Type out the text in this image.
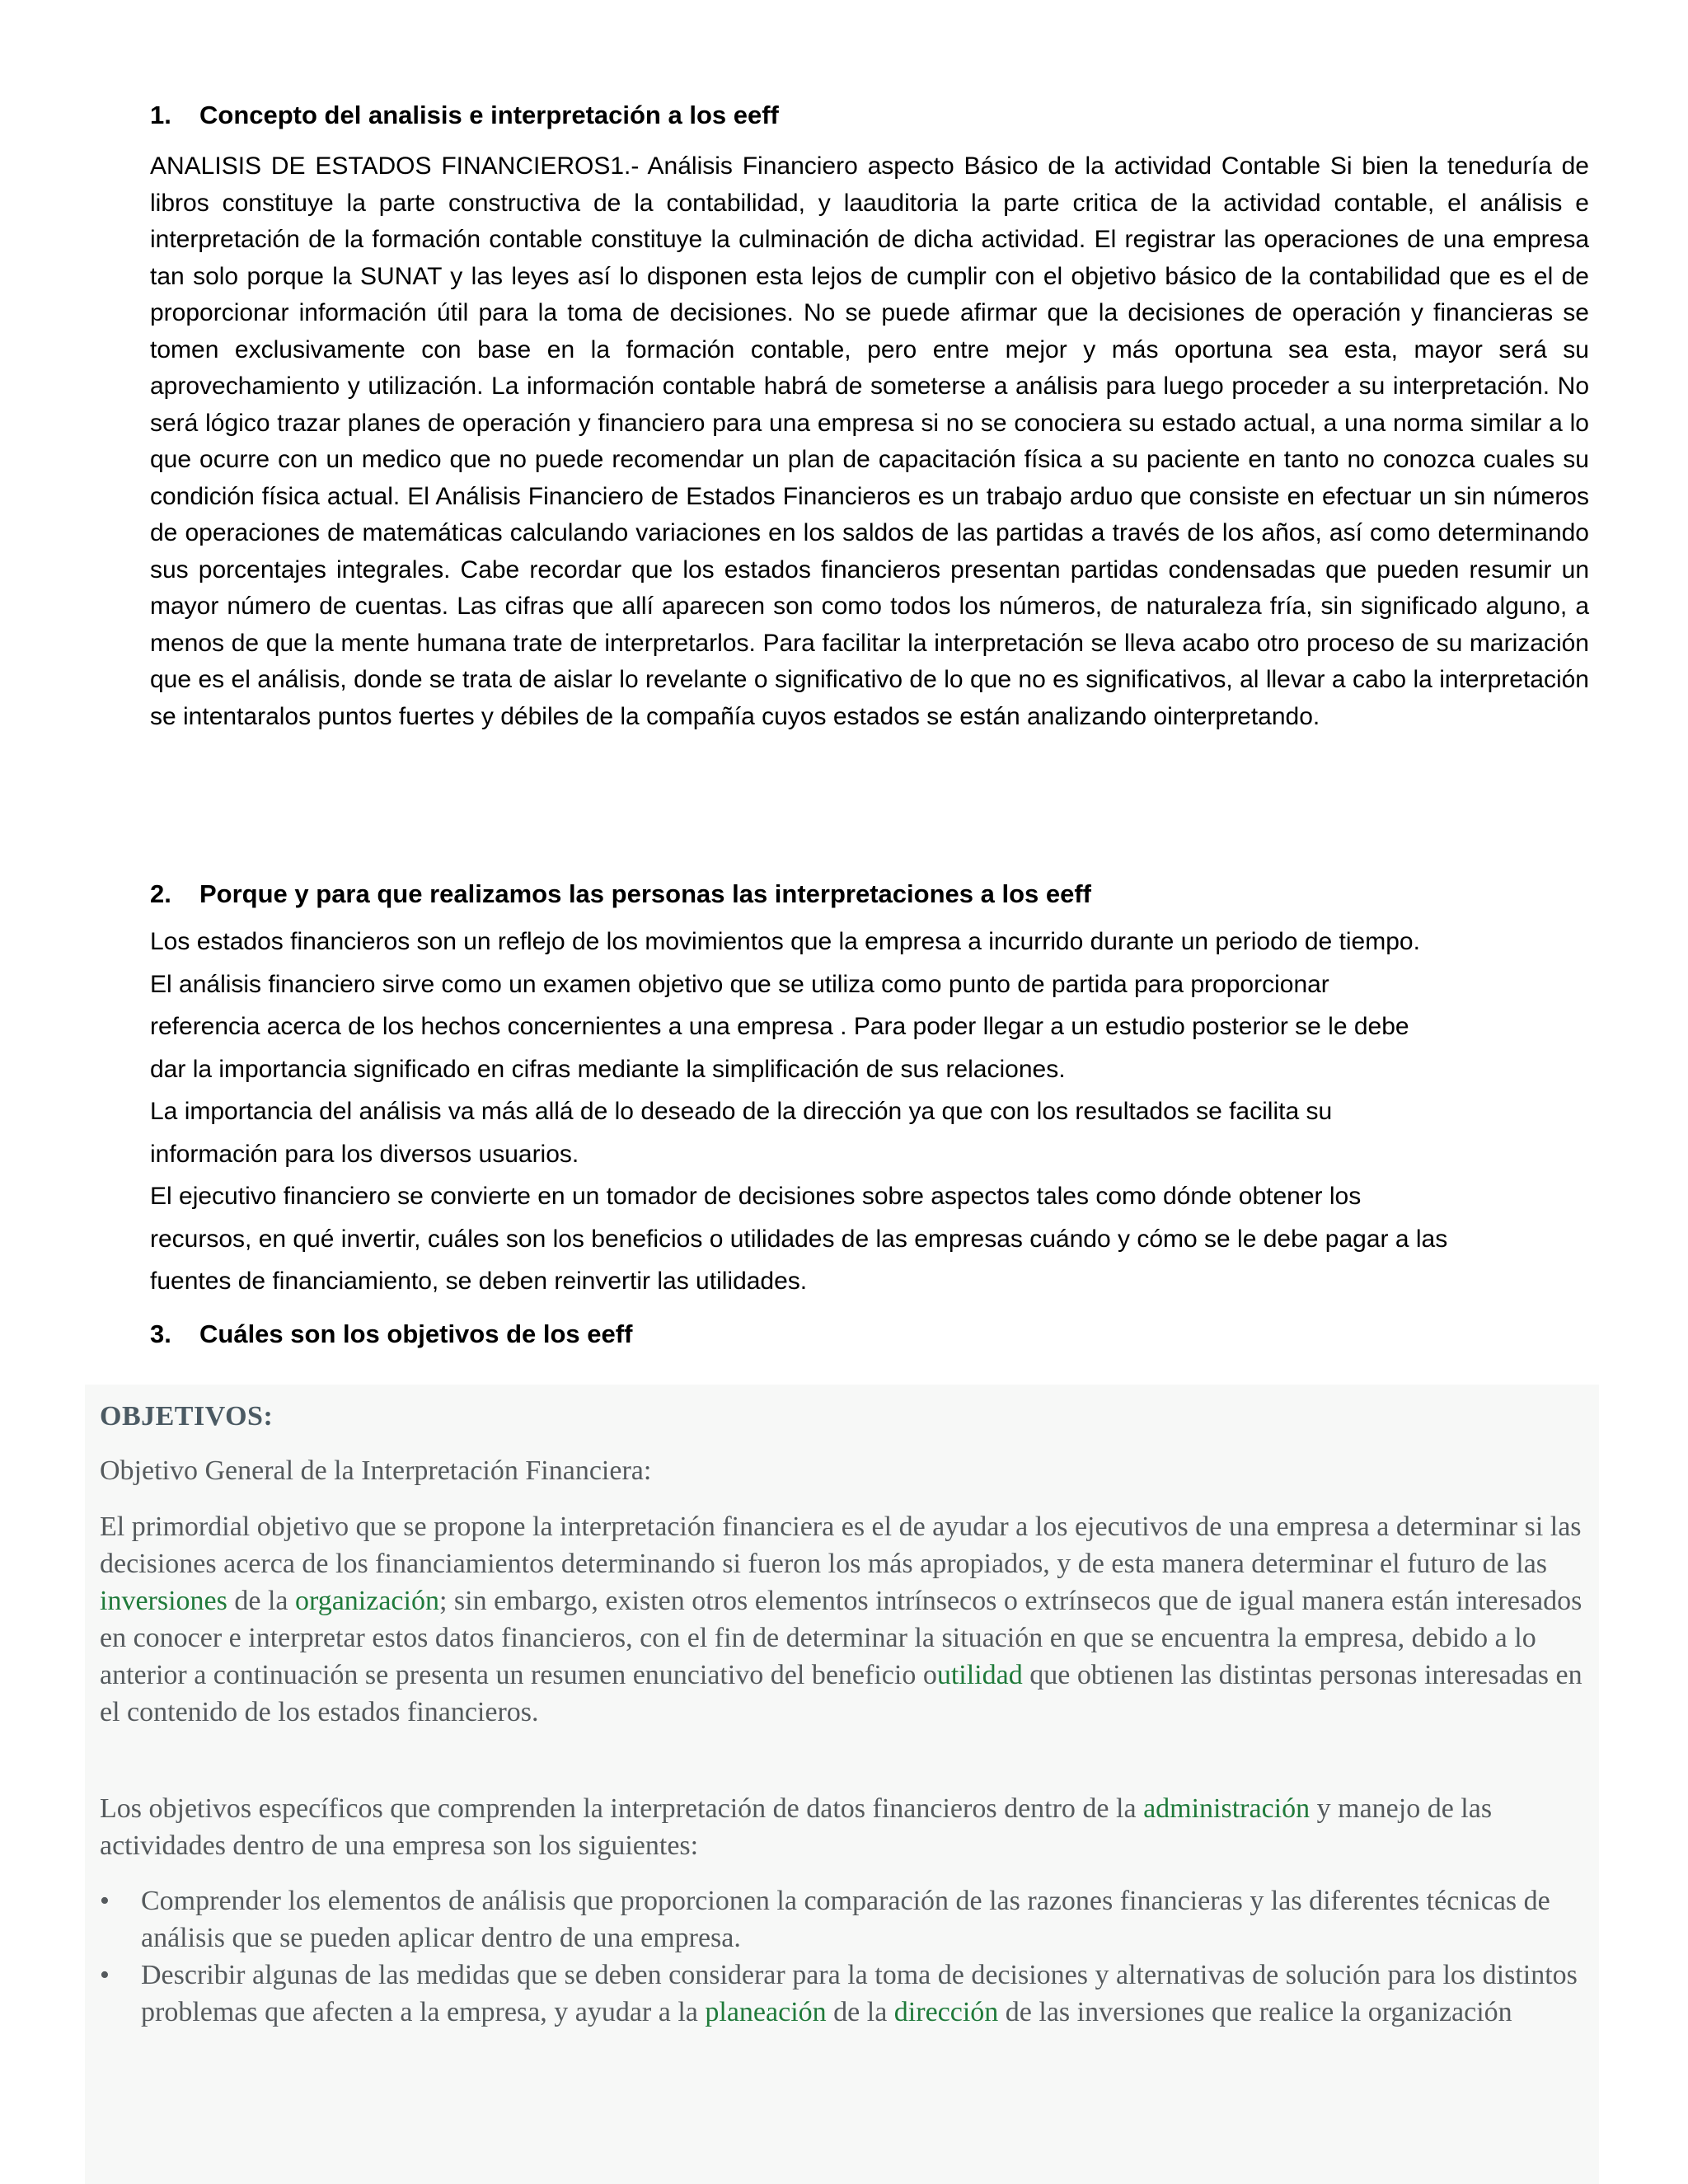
1. Concepto del analisis e interpretación a los eeff

ANALISIS DE ESTADOS FINANCIEROS1.- Análisis Financiero aspecto Básico de la actividad Contable Si bien la teneduría de libros constituye la parte constructiva de la contabilidad, y laauditoria la parte critica de la actividad contable, el análisis e interpretación de la formación contable constituye la culminación de dicha actividad. El registrar las operaciones de una empresa tan solo porque la SUNAT y las leyes así lo disponen esta lejos de cumplir con el objetivo básico de la contabilidad que es el de proporcionar información útil para la toma de decisiones. No se puede afirmar que la decisiones de operación y financieras se tomen exclusivamente con base en la formación contable, pero entre mejor y más oportuna sea esta, mayor será su aprovechamiento y utilización. La información contable habrá de someterse a análisis para luego proceder a su interpretación. No será lógico trazar planes de operación y financiero para una empresa si no se conociera su estado actual, a una norma similar a lo que ocurre con un medico que no puede recomendar un plan de capacitación física a su paciente en tanto no conozca cuales su condición física actual. El Análisis Financiero de Estados Financieros es un trabajo arduo que consiste en efectuar un sin números de operaciones de matemáticas calculando variaciones en los saldos de las partidas a través de los años, así como determinando sus porcentajes integrales. Cabe recordar que los estados financieros presentan partidas condensadas que pueden resumir un mayor número de cuentas. Las cifras que allí aparecen son como todos los números, de naturaleza fría, sin significado alguno, a menos de que la mente humana trate de interpretarlos. Para facilitar la interpretación se lleva acabo otro proceso de su marización que es el análisis, donde se trata de aislar lo revelante o significativo de lo que no es significativos, al llevar a cabo la interpretación se intentaralos puntos fuertes y débiles de la compañía cuyos estados se están analizando ointerpretando.

2. Porque y para que realizamos las personas las interpretaciones a los eeff

Los estados financieros son un reflejo de los movimientos que la empresa a incurrido durante un periodo de tiempo.
El análisis financiero sirve como un examen objetivo que se utiliza como punto de partida para proporcionar
referencia acerca de los hechos concernientes a una empresa . Para poder llegar a un estudio posterior se le debe
dar la importancia significado en cifras mediante la simplificación de sus relaciones.
La importancia del análisis va más allá de lo deseado de la dirección ya que con los resultados se facilita su
información para los diversos usuarios.
El ejecutivo financiero se convierte en un tomador de decisiones sobre aspectos tales como dónde obtener los
recursos, en qué invertir, cuáles son los beneficios o utilidades de las empresas cuándo y cómo se le debe pagar a las
fuentes de financiamiento, se deben reinvertir las utilidades.

3. Cuáles son los objetivos de los eeff
OBJETIVOS:
Objetivo General de la Interpretación Financiera:

El primordial objetivo que se propone la interpretación financiera es el de ayudar a los ejecutivos de una empresa a determinar si las decisiones acerca de los financiamientos determinando si fueron los más apropiados, y de esta manera determinar el futuro de las inversiones de la organización; sin embargo, existen otros elementos intrínsecos o extrínsecos que de igual manera están interesados en conocer e interpretar estos datos financieros, con el fin de determinar la situación en que se encuentra la empresa, debido a lo anterior a continuación se presenta un resumen enunciativo del beneficio outilidad que obtienen las distintas personas interesadas en el contenido de los estados financieros.

Los objetivos específicos que comprenden la interpretación de datos financieros dentro de la administración y manejo de las actividades dentro de una empresa son los siguientes:

•	Comprender los elementos de análisis que proporcionen la comparación de las razones financieras y las diferentes técnicas de análisis que se pueden aplicar dentro de una empresa.
•	Describir algunas de las medidas que se deben considerar para la toma de decisiones y alternativas de solución para los distintos problemas que afecten a la empresa, y ayudar a la planeación de la dirección de las inversiones que realice la organización
